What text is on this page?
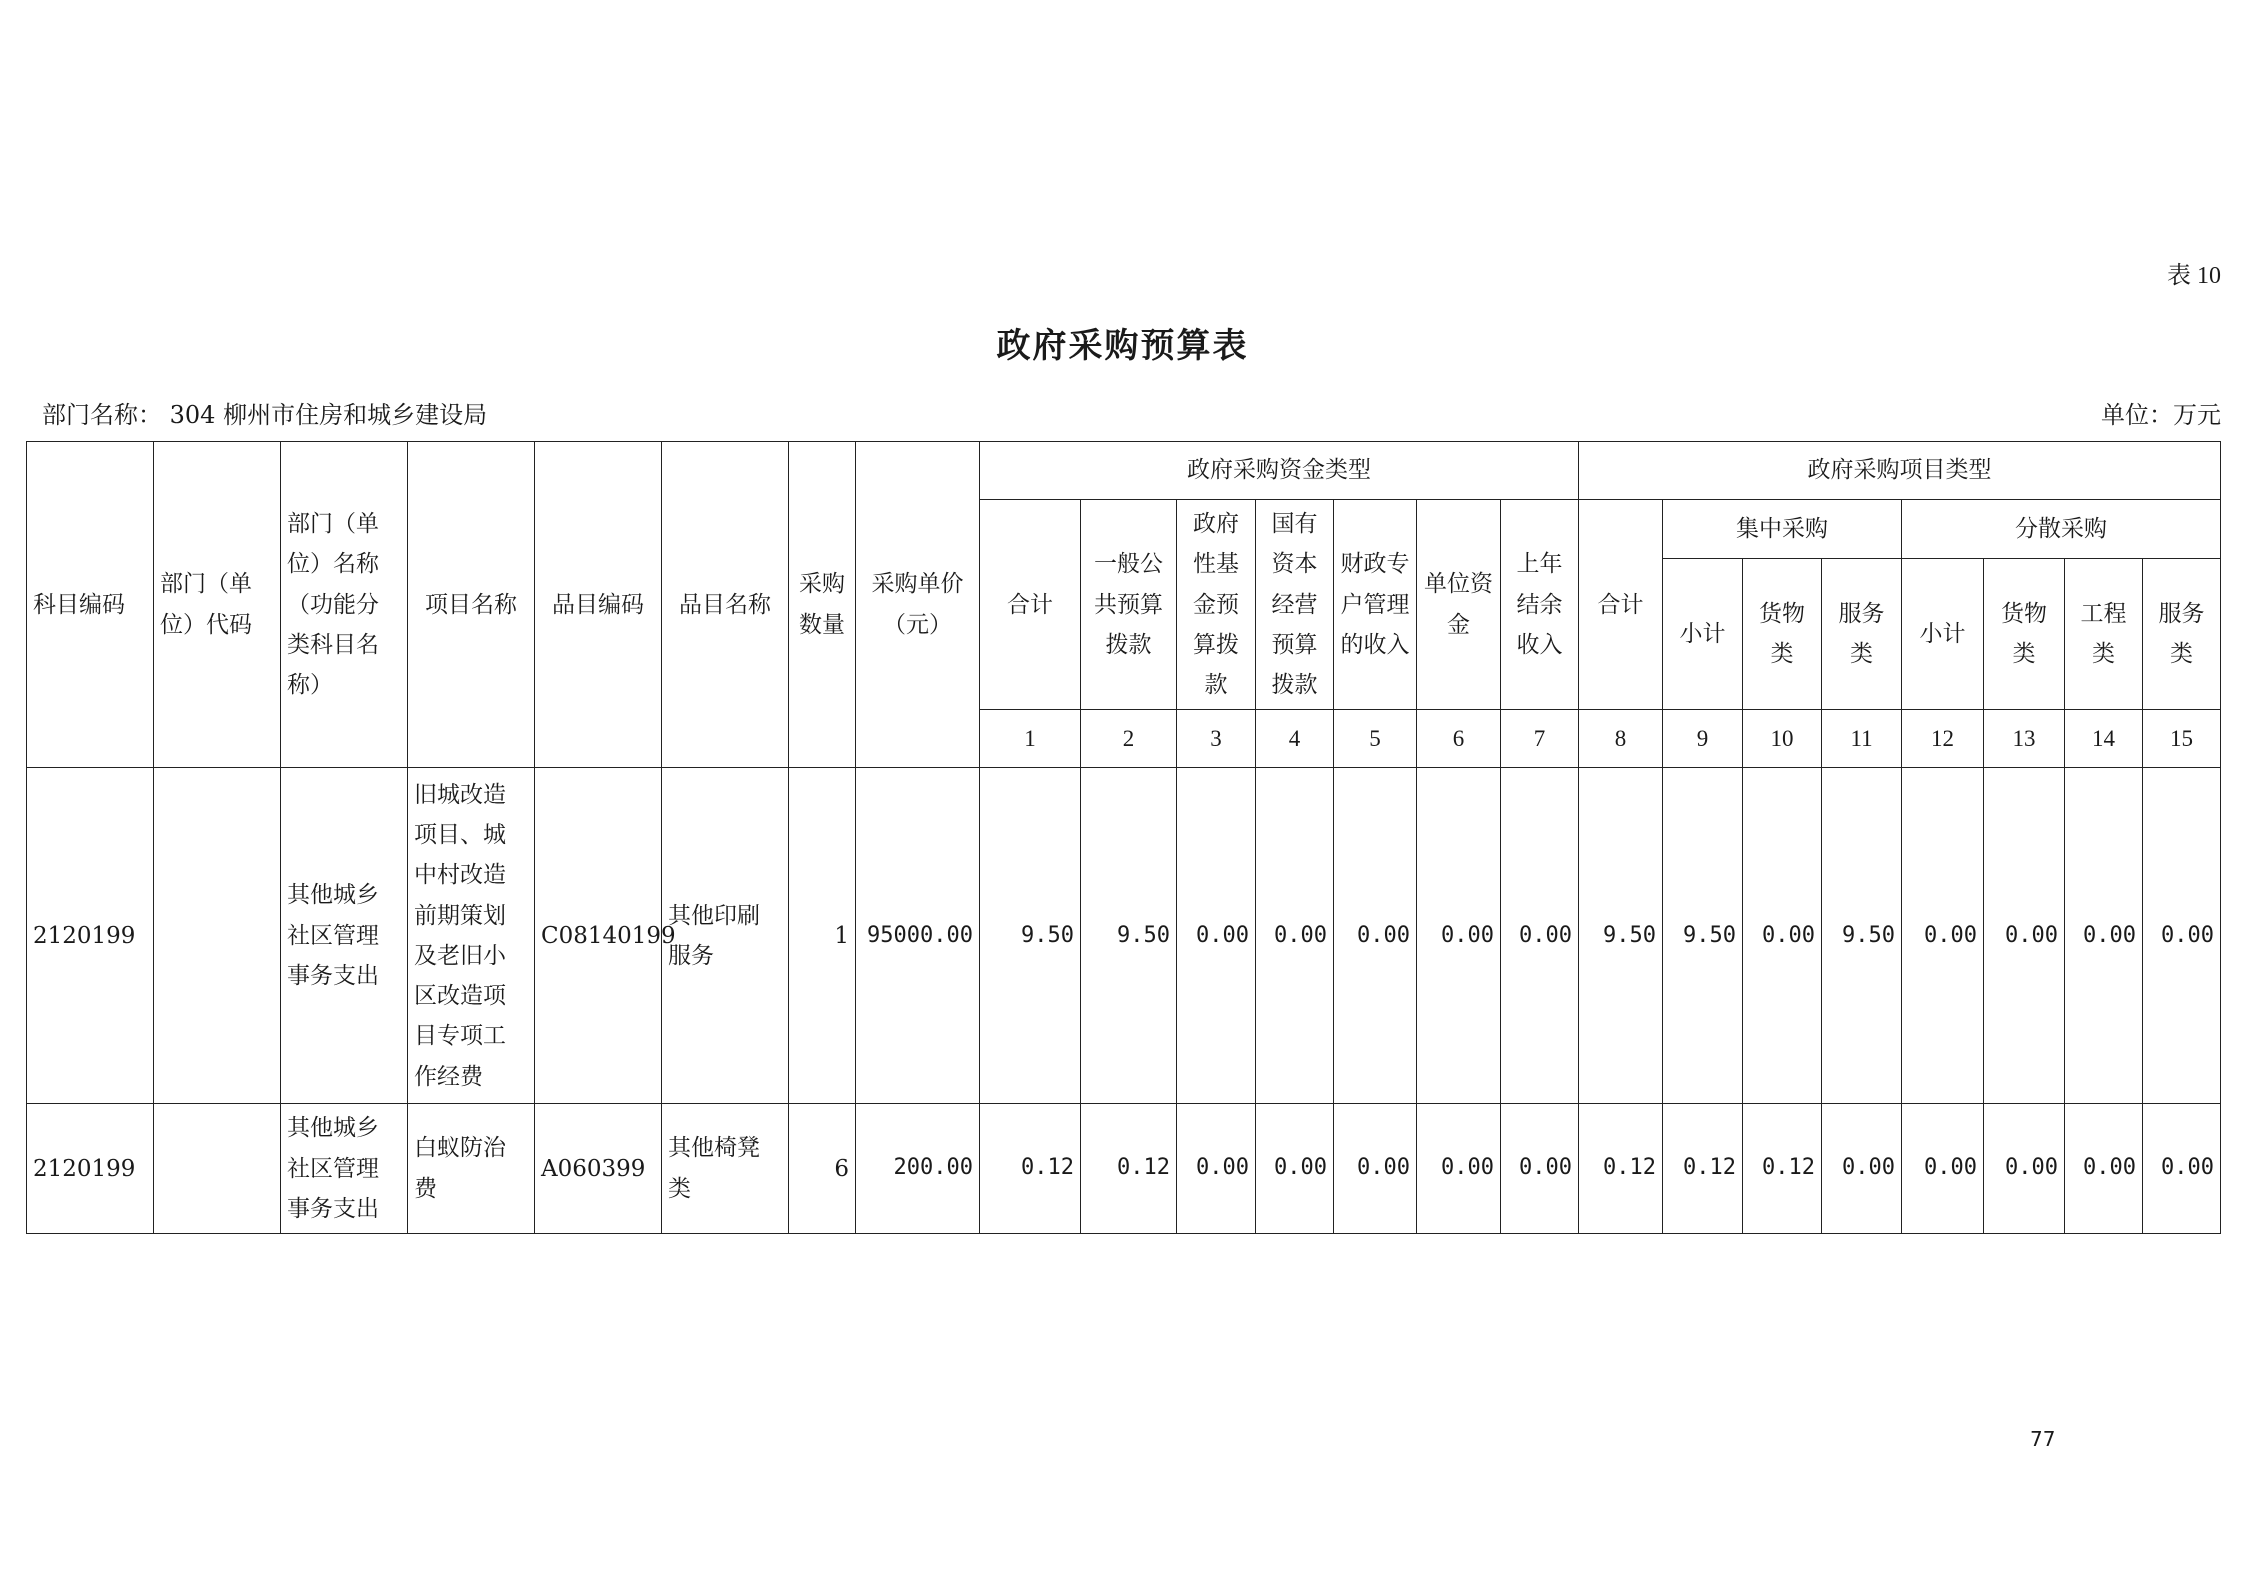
表 10
政府采购预算表
部门名称： 304 柳州市住房和城乡建设局	单位：万元
科目编码	部门（单位）代码	部门（单位）名称（功能分类科目名称）	项目名称	品目编码	品目名称	采购数量	采购单价（元）	政府采购资金类型							政府采购项目类型							
								合计	一般公共预算拨款	政府性基金预算拨款	国有资本经营预算拨款	财政专户管理的收入	单位资金	上年结余收入	合计	集中采购			分散采购			
																小计	货物类	服务类	小计	货物类	工程类	服务类
								1	2	3	4	5	6	7	8	9	10	11	12	13	14	15
2120199		其他城乡社区管理事务支出	旧城改造项目、城中村改造前期策划及老旧小区改造项目专项工作经费	C08140199	其他印刷服务	1	95000.00	9.50	9.50	0.00	0.00	0.00	0.00	0.00	9.50	9.50	0.00	9.50	0.00	0.00	0.00	0.00
2120199		其他城乡社区管理事务支出	白蚁防治费	A060399	其他椅凳类	6	200.00	0.12	0.12	0.00	0.00	0.00	0.00	0.00	0.12	0.12	0.12	0.00	0.00	0.00	0.00	0.00
77
